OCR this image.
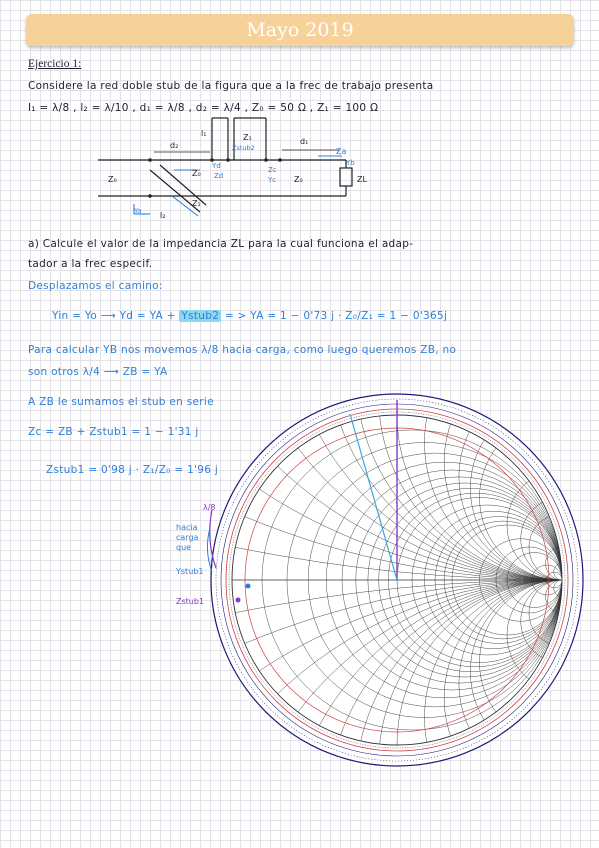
Mayo 2019
Ejercicio 1:
Considere la red doble stub de la figura que a la frec de trabajo presenta
l₁ = λ/8 , l₂ = λ/10 , d₁ = λ/8 , d₂ = λ/4 , Z₀ = 50 Ω , Z₁ = 100 Ω
l₁	Z₁
d₂	d₁
Zstub2	Za
Yd
Zd
Z₀
Z₀	Zc
Yc
Yb
Z₀	ZL
Ya
Z₁
l₂
a) Calcule el valor de la impedancia ZL para la cual funciona el adap-
tador a la frec especif.
Desplazamos el camino:
Yin = Yo ⟶ Yd = YA + Ystub2 = > YA = 1 − 0'73 j · Z₀/Z₁ = 1 − 0'365j
Para calcular YB nos movemos λ/8 hacia carga, como luego queremos ZB, no
son otros λ/4 ⟶ ZB = YA
A ZB le sumamos el stub en serie
Zc = ZB + Zstub1 = 1 − 1'31 j
Zstub1 = 0'98 j · Z₁/Z₀ = 1'96 j
λ/8
hacia
carga
que
Ystub1
Zstub1
